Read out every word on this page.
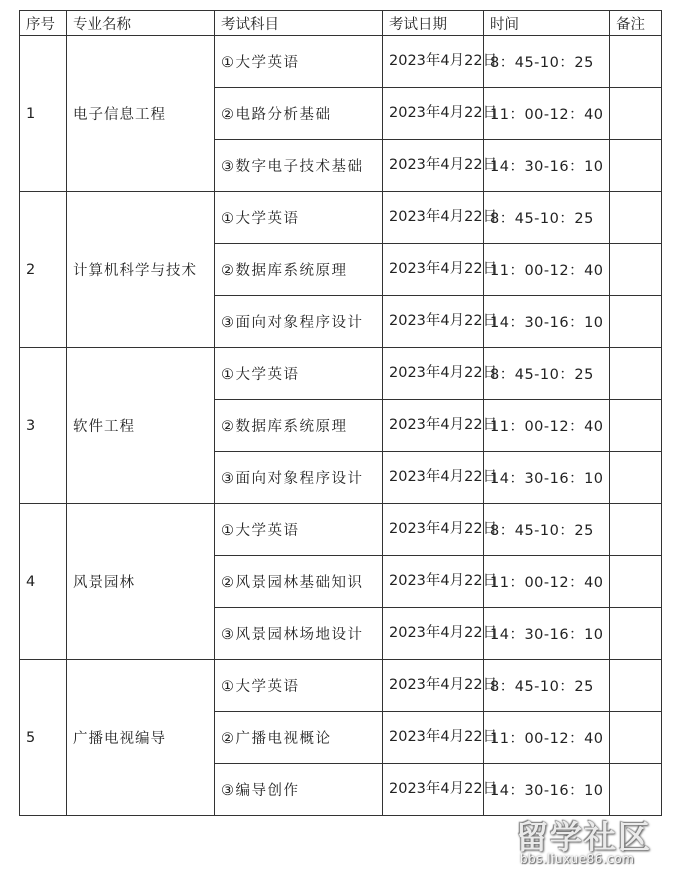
序号	专业名称	考试科目	考试日期	时间	备注
1	电子信息工程	①大学英语	2023年4月22日	8：45-10：25	
		②电路分析基础	2023年4月22日	11：00-12：40	
		③数字电子技术基础	2023年4月22日	14：30-16：10	
2	计算机科学与技术	①大学英语	2023年4月22日	8：45-10：25	
		②数据库系统原理	2023年4月22日	11：00-12：40	
		③面向对象程序设计	2023年4月22日	14：30-16：10	
3	软件工程	①大学英语	2023年4月22日	8：45-10：25	
		②数据库系统原理	2023年4月22日	11：00-12：40	
		③面向对象程序设计	2023年4月22日	14：30-16：10	
4	风景园林	①大学英语	2023年4月22日	8：45-10：25	
		②风景园林基础知识	2023年4月22日	11：00-12：40	
		③风景园林场地设计	2023年4月22日	14：30-16：10	
5	广播电视编导	①大学英语	2023年4月22日	8：45-10：25	
		②广播电视概论	2023年4月22日	11：00-12：40	
		③编导创作	2023年4月22日	14：30-16：10	
留学社区
bbs.liuxue86.com
